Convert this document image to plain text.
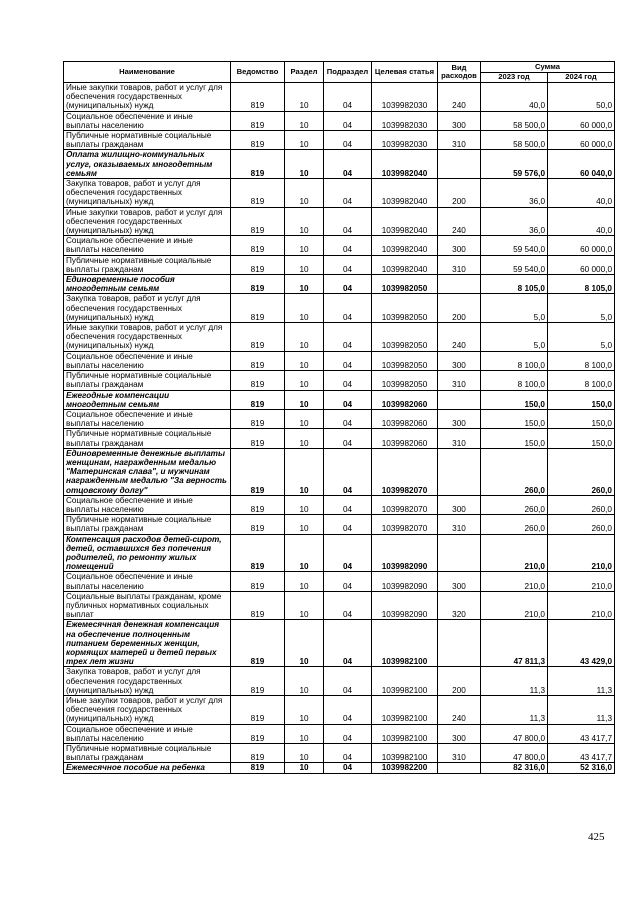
Наименование	Ведомство	Раздел	Подраздел	Целевая статья	Вид расходов	Сумма	
						2023 год	2024 год
Иные закупки товаров, работ и услуг для обеспечения государственных (муниципальных) нужд	819	10	04	1039982030	240	40,0	50,0
Социальное обеспечение и иные выплаты населению	819	10	04	1039982030	300	58 500,0	60 000,0
Публичные нормативные социальные выплаты гражданам	819	10	04	1039982030	310	58 500,0	60 000,0
Оплата жилищно-коммунальных услуг, оказываемых многодетным семьям	819	10	04	1039982040		59 576,0	60 040,0
Закупка товаров, работ и услуг для обеспечения государственных (муниципальных) нужд	819	10	04	1039982040	200	36,0	40,0
Иные закупки товаров, работ и услуг для обеспечения государственных (муниципальных) нужд	819	10	04	1039982040	240	36,0	40,0
Социальное обеспечение и иные выплаты населению	819	10	04	1039982040	300	59 540,0	60 000,0
Публичные нормативные социальные выплаты гражданам	819	10	04	1039982040	310	59 540,0	60 000,0
Единовременные пособия многодетным семьям	819	10	04	1039982050		8 105,0	8 105,0
Закупка товаров, работ и услуг для обеспечения государственных (муниципальных) нужд	819	10	04	1039982050	200	5,0	5,0
Иные закупки товаров, работ и услуг для обеспечения государственных (муниципальных) нужд	819	10	04	1039982050	240	5,0	5,0
Социальное обеспечение и иные выплаты населению	819	10	04	1039982050	300	8 100,0	8 100,0
Публичные нормативные социальные выплаты гражданам	819	10	04	1039982050	310	8 100,0	8 100,0
Ежегодные компенсации многодетным семьям	819	10	04	1039982060		150,0	150,0
Социальное обеспечение и иные выплаты населению	819	10	04	1039982060	300	150,0	150,0
Публичные нормативные социальные выплаты гражданам	819	10	04	1039982060	310	150,0	150,0
Единовременные денежные выплаты женщинам, награжденным медалью "Материнская слава", и мужчинам награжденным медалью "За верность отцовскому долгу"	819	10	04	1039982070		260,0	260,0
Социальное обеспечение и иные выплаты населению	819	10	04	1039982070	300	260,0	260,0
Публичные нормативные социальные выплаты гражданам	819	10	04	1039982070	310	260,0	260,0
Компенсация расходов детей-сирот, детей, оставшихся без попечения родителей, по ремонту жилых помещений	819	10	04	1039982090		210,0	210,0
Социальное обеспечение и иные выплаты населению	819	10	04	1039982090	300	210,0	210,0
Социальные выплаты гражданам, кроме публичных нормативных социальных выплат	819	10	04	1039982090	320	210,0	210,0
Ежемесячная денежная компенсация на обеспечение полноценным питанием беременных женщин, кормящих матерей и детей первых трех лет жизни	819	10	04	1039982100		47 811,3	43 429,0
Закупка товаров, работ и услуг для обеспечения государственных (муниципальных) нужд	819	10	04	1039982100	200	11,3	11,3
Иные закупки товаров, работ и услуг для обеспечения государственных (муниципальных) нужд	819	10	04	1039982100	240	11,3	11,3
Социальное обеспечение и иные выплаты населению	819	10	04	1039982100	300	47 800,0	43 417,7
Публичные нормативные социальные выплаты гражданам	819	10	04	1039982100	310	47 800,0	43 417,7
Ежемесячное пособие на ребенка	819	10	04	1039982200		82 316,0	52 316,0
425
